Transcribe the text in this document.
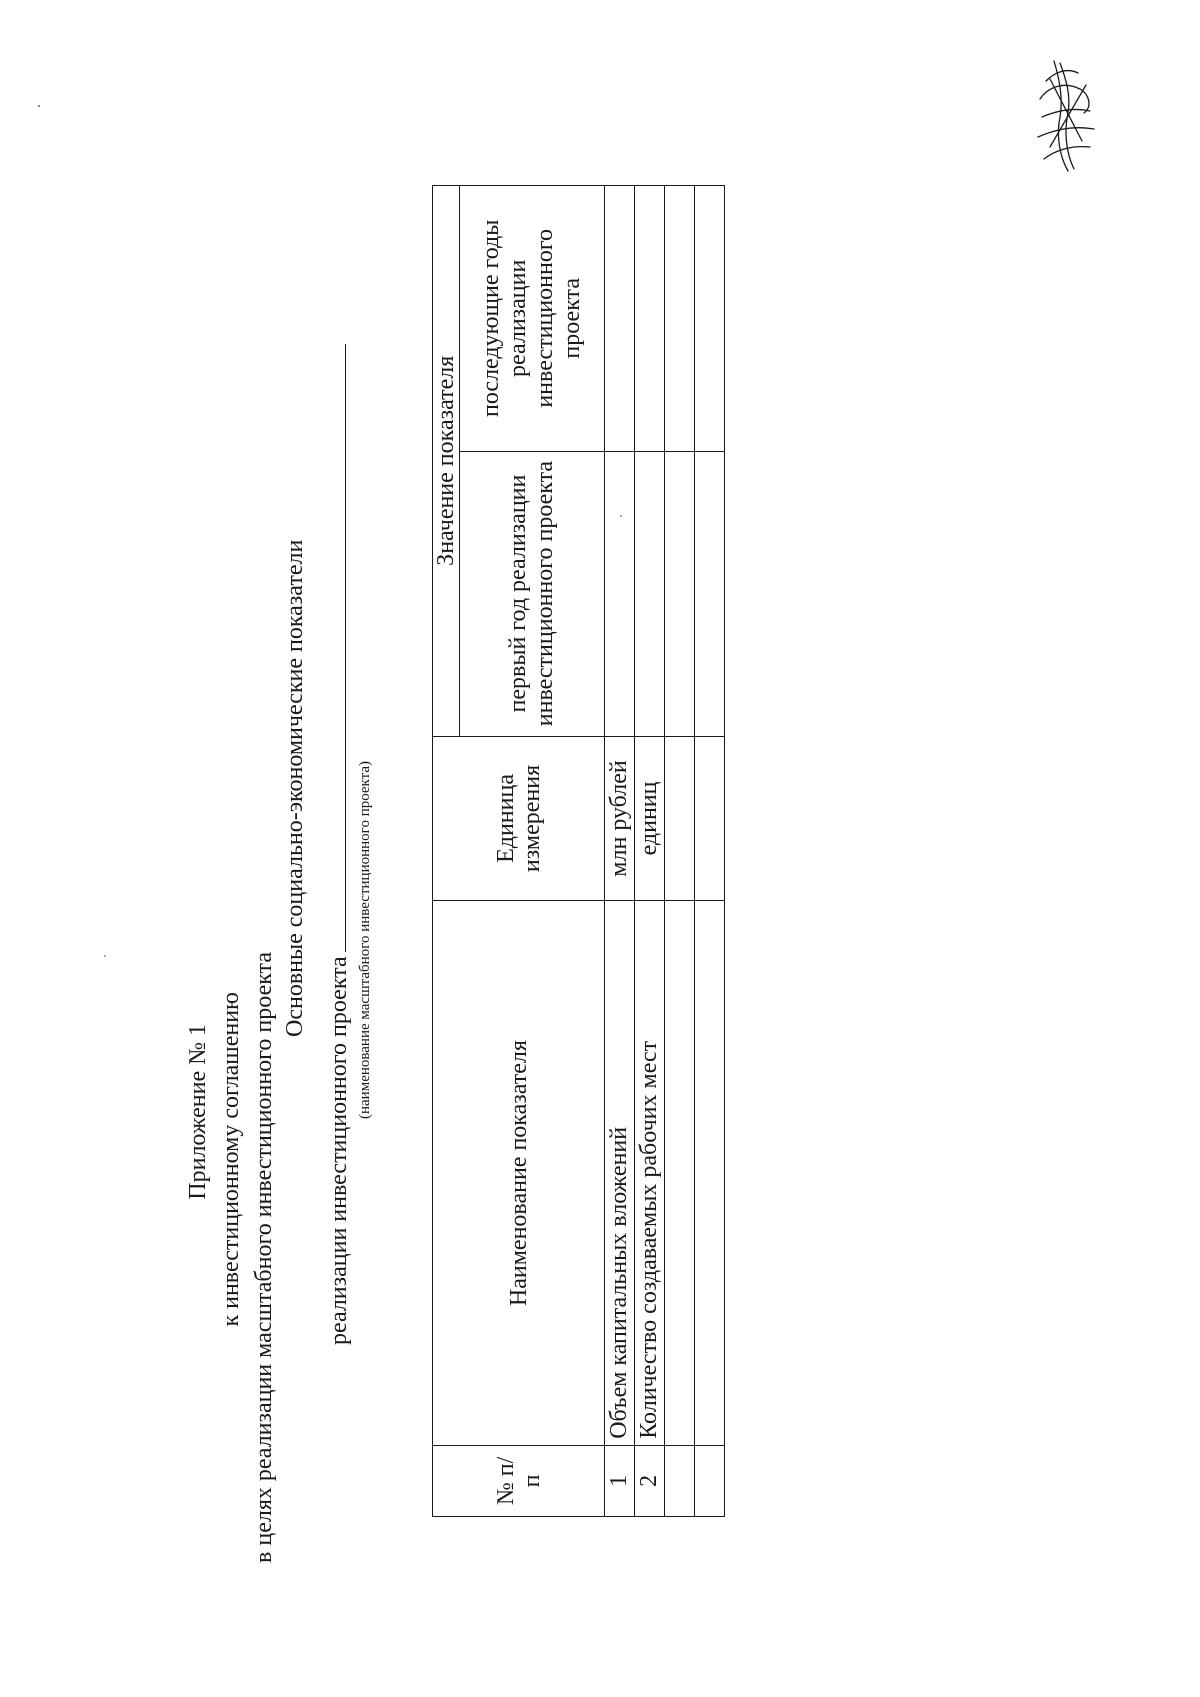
Приложение № 1 к инвестиционному соглашению в целях реализации масштабного инвестиционного проекта
Основные социально-экономические показатели
реализации инвестиционного проекта
(наименование масштабного инвестиционного проекта)
№ п/п	Наименование показателя	Единица измерения	Значение показателя	
			первый год реализации инвестиционного проекта	последующие годы реализации инвестиционного проекта
1	Объем капитальных вложений	млн рублей		
2	Количество создаваемых рабочих мест	единиц		
